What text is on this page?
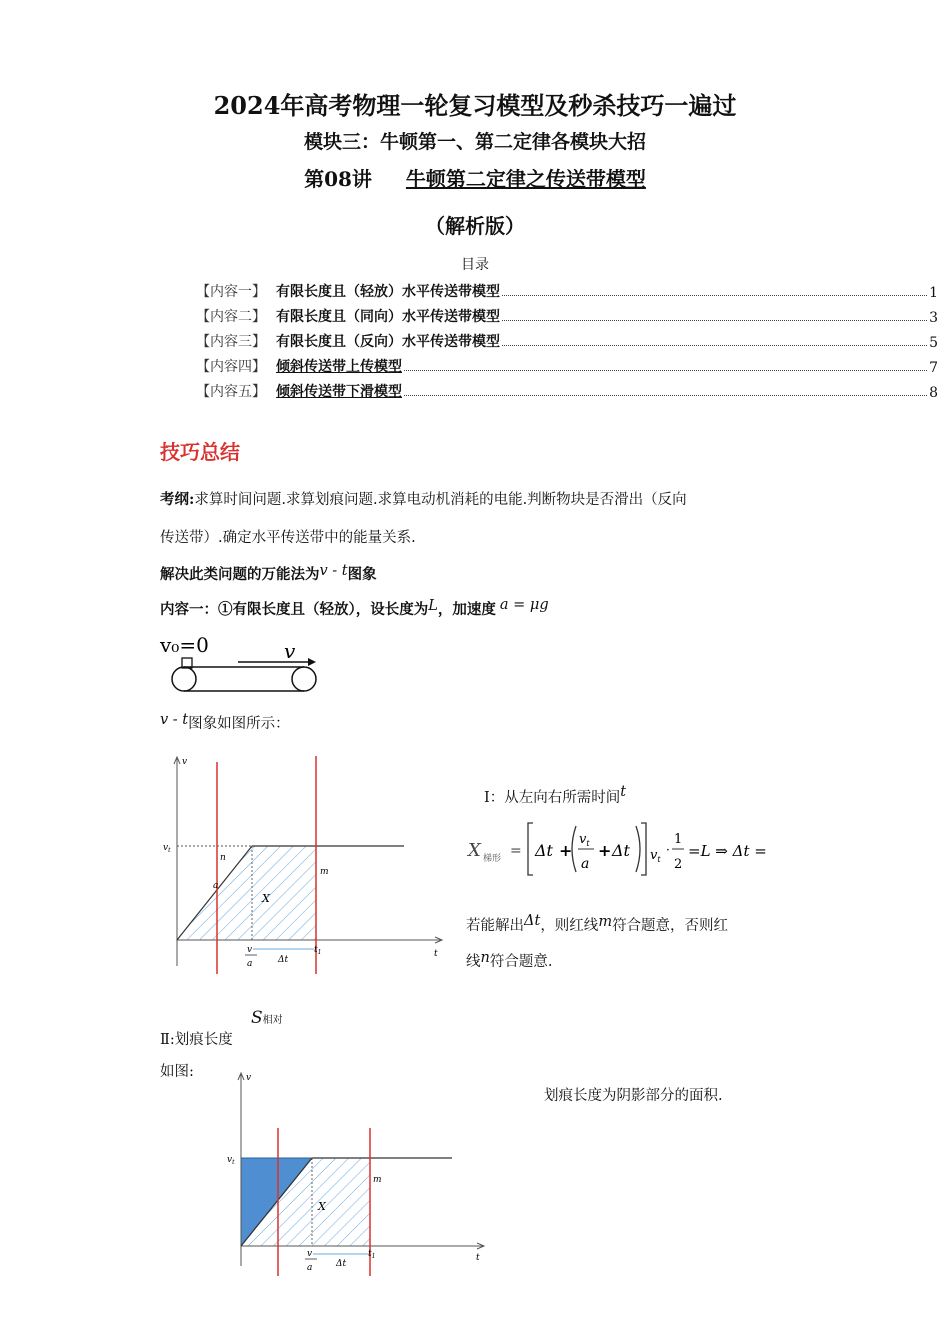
2024年高考物理一轮复习模型及秒杀技巧一遍过
模块三：牛顿第一、第二定律各模块大招
第08讲 牛顿第二定律之传送带模型
（解析版）
目录
【内容一】 有限长度且（轻放）水平传送带模型	1
【内容二】 有限长度且（同向）水平传送带模型	3
【内容三】 有限长度且（反向）水平传送带模型	5
【内容四】 倾斜传送带上传模型	7
【内容五】 倾斜传送带下滑模型	8
技巧总结
考纲:求算时间问题.求算划痕问题.求算电动机消耗的电能.判断物块是否滑出（反向
传送带）.确定水平传送带中的能量关系.
解决此类问题的万能法为v - t图象
内容一：①有限长度且（轻放），设长度为L，加速度 a = μg
v₀=0	v
v - t图象如图所示：
v
t
$v_t$
n
a
m
X
v
a
$t_1$
Δt
Ⅰ：从左向右所需时间t
X 梯形 = Δt +
$v_t$
a
+ Δt $v_t$
·
1
2
=L ⇒ Δt =
若能解出Δt，则红线m符合题意，否则红
线n符合题意.
S相对
Ⅱ:划痕长度
如图:
划痕长度为阴影部分的面积.
v
t
$v_t$
m
X
v
a
$t_1$
Δt
